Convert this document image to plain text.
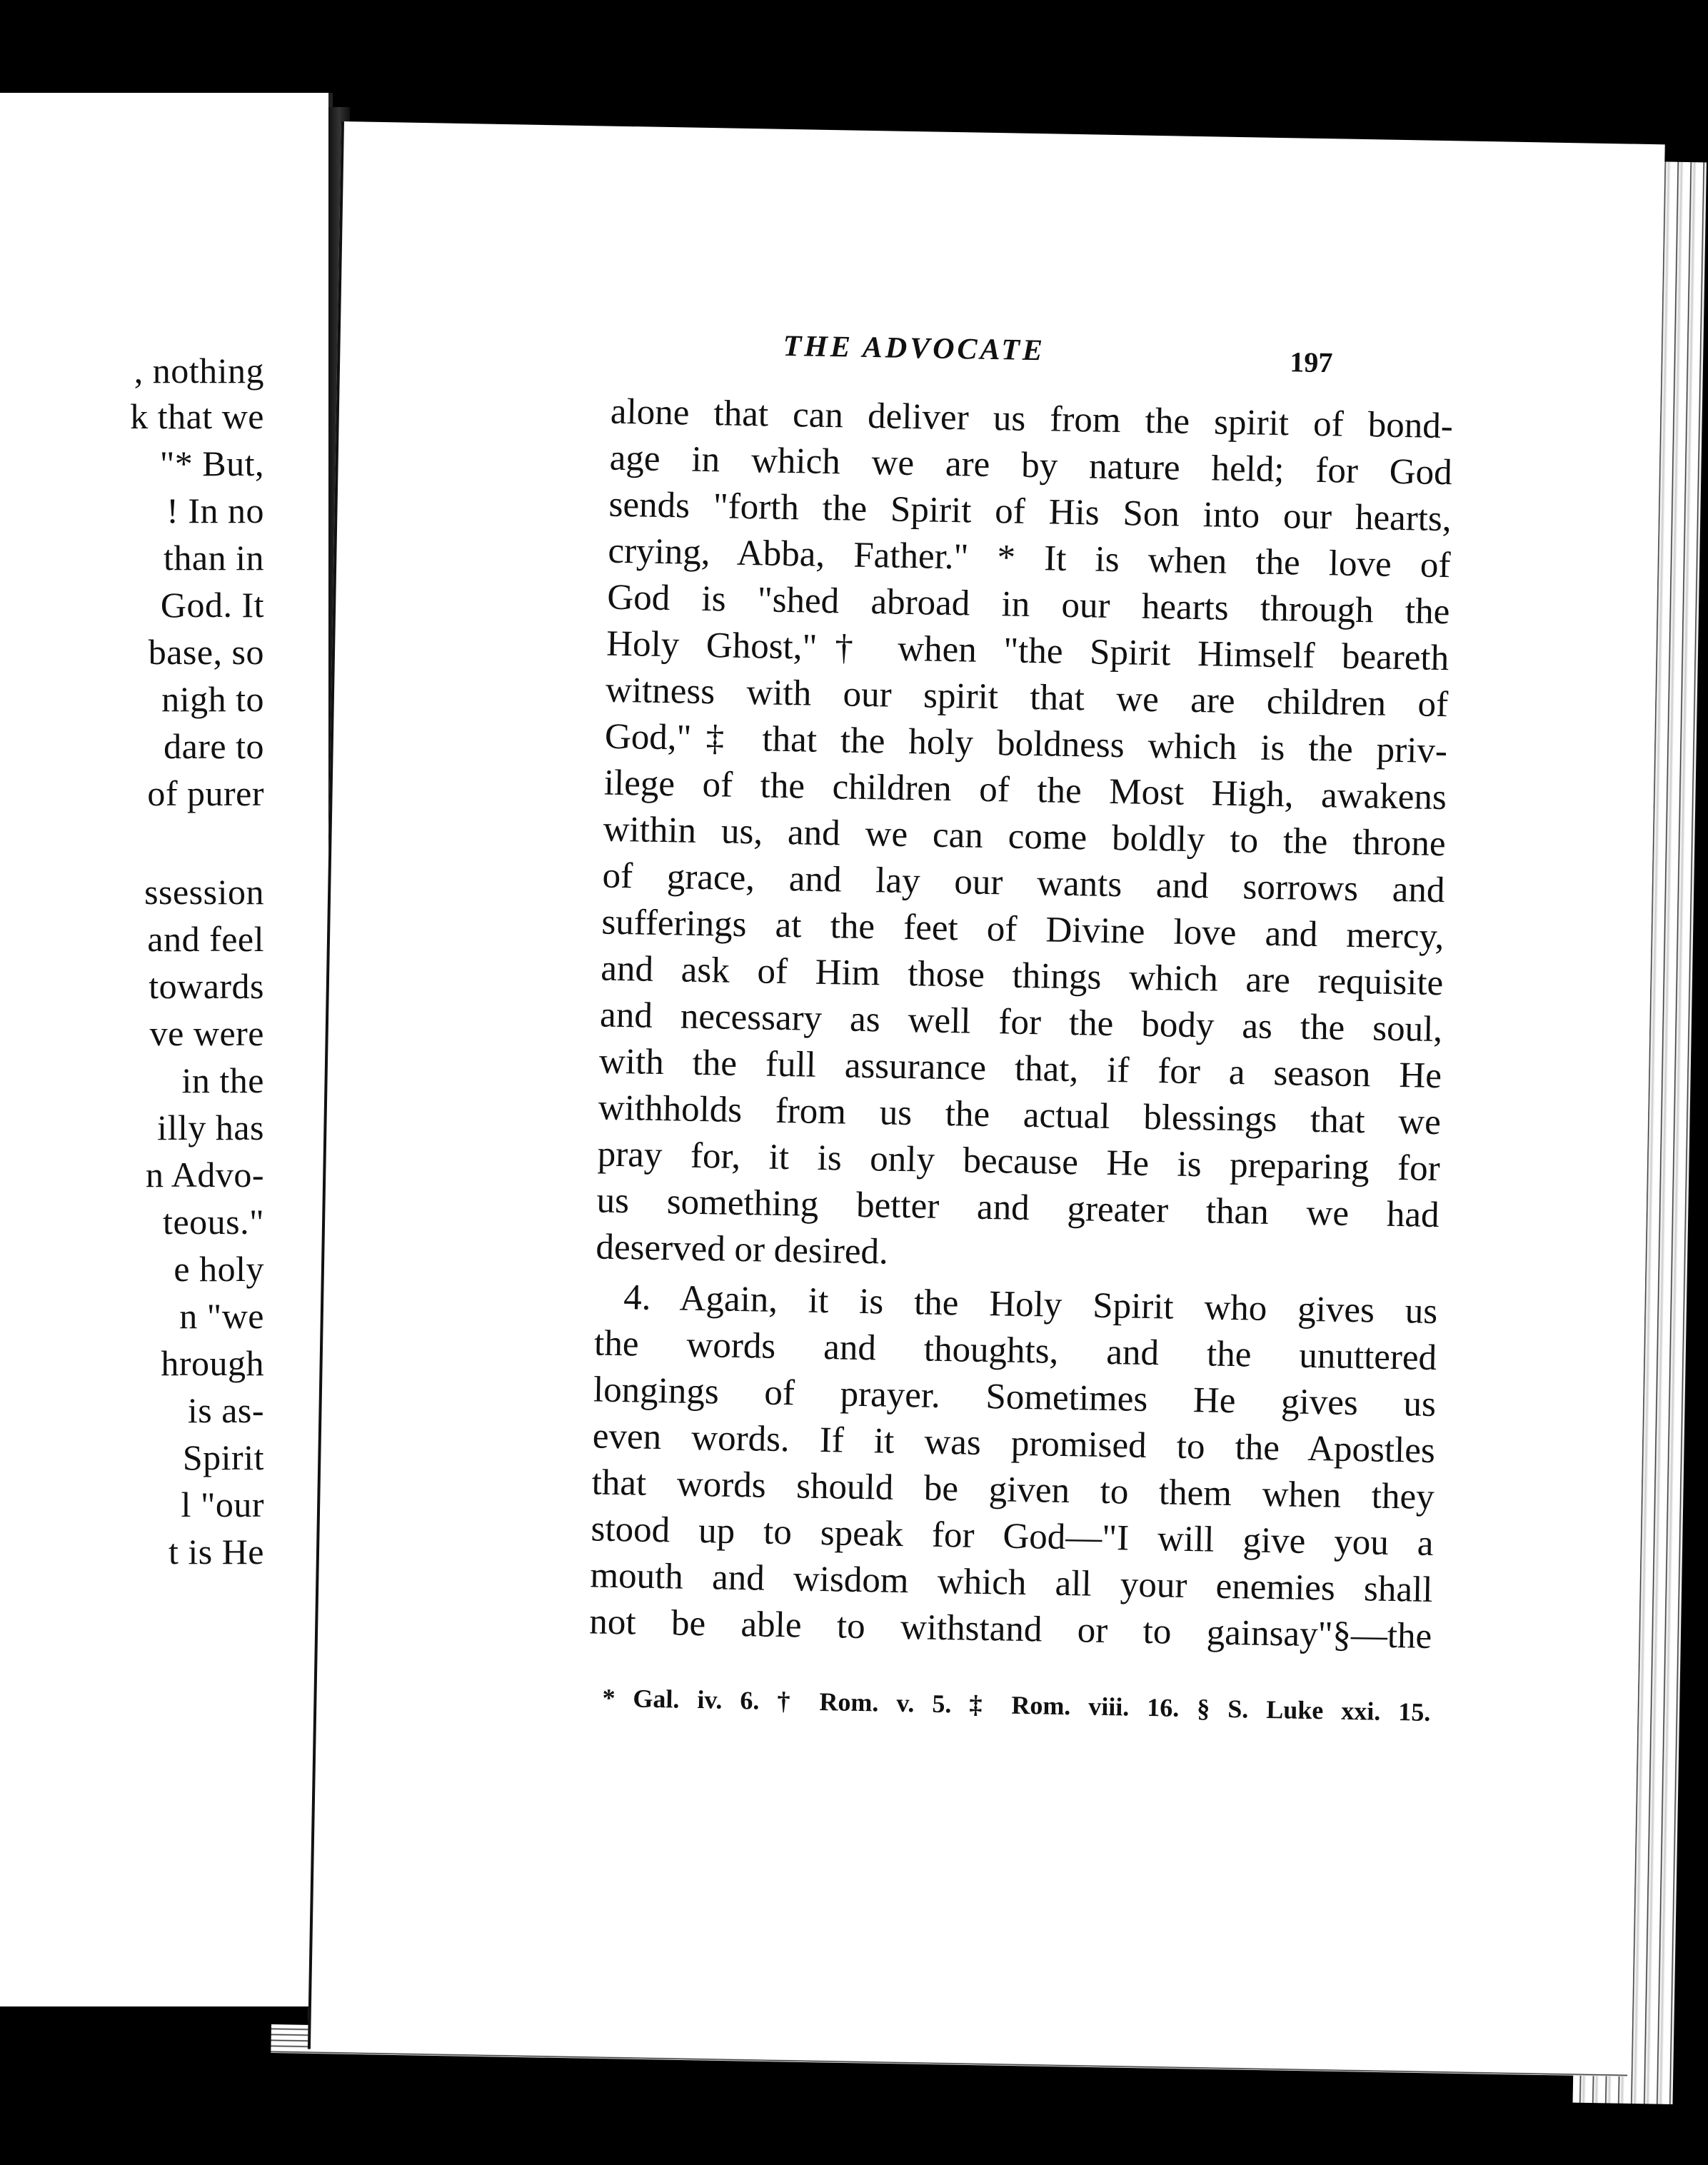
, nothing
k that we
"* But,
! In no
than in
God. It
base, so
nigh to
dare to
of purer
ssession
and feel
towards
ve were
in the
illy has
n Advo-
teous."
e holy
n "we
hrough
is as-
Spirit
l "our
t is He
THE ADVOCATE	197
alone that can deliver us from the spirit of bond-
age in which we are by nature held; for God
sends "forth the Spirit of His Son into our hearts,
crying, Abba, Father." * It is when the love of
God is "shed abroad in our hearts through the
Holy Ghost,"† when "the Spirit Himself beareth
witness with our spirit that we are children of
God,"‡ that the holy boldness which is the priv-
ilege of the children of the Most High, awakens
within us, and we can come boldly to the throne
of grace, and lay our wants and sorrows and
sufferings at the feet of Divine love and mercy,
and ask of Him those things which are requisite
and necessary as well for the body as the soul,
with the full assurance that, if for a season He
withholds from us the actual blessings that we
pray for, it is only because He is preparing for
us something better and greater than we had
deserved or desired.
4. Again, it is the Holy Spirit who gives us
the words and thoughts, and the unuttered
longings of prayer. Sometimes He gives us
even words. If it was promised to the Apostles
that words should be given to them when they
stood up to speak for God—"I will give you a
mouth and wisdom which all your enemies shall
not be able to withstand or to gainsay"§—the
* Gal. iv. 6. † Rom. v. 5. ‡ Rom. viii. 16. § S. Luke xxi. 15.
